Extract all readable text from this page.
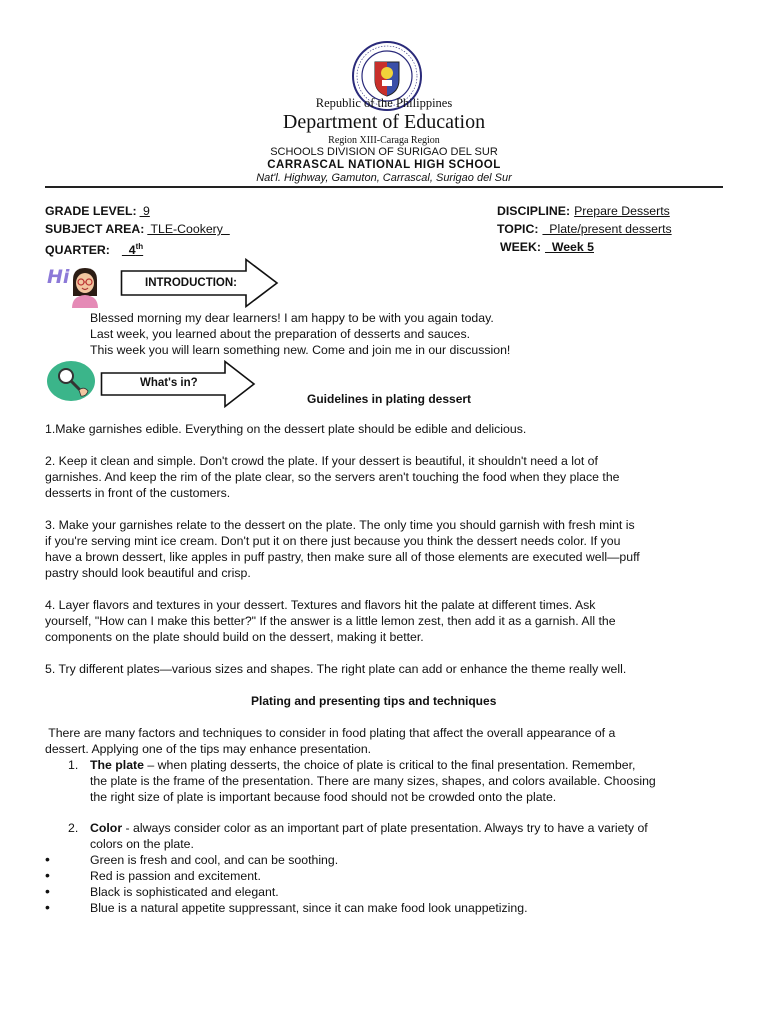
Republic of the Philippines
Department of Education
Region XIII-Caraga Region
SCHOOLS DIVISION OF SURIGAO DEL SUR
CARRASCAL NATIONAL HIGH SCHOOL
Nat'l. Highway, Gamuton, Carrascal, Surigao del Sur
GRADE LEVEL: 9
SUBJECT AREA: TLE-Cookery
QUARTER:  4th
DISCIPLINE: Prepare Desserts
TOPIC:  Plate/present desserts
WEEK:  Week 5
Hi	INTRODUCTION:
Blessed morning my dear learners! I am happy to be with you again today.
Last week, you learned about the preparation of desserts and sauces.
This week you will learn something new. Come and join me in our discussion!
What's in?
Guidelines in plating dessert
1.Make garnishes edible. Everything on the dessert plate should be edible and delicious.
2. Keep it clean and simple. Don't crowd the plate. If your dessert is beautiful, it shouldn't need a lot of
garnishes. And keep the rim of the plate clear, so the servers aren't touching the food when they place the
desserts in front of the customers.
3. Make your garnishes relate to the dessert on the plate. The only time you should garnish with fresh mint is
if you're serving mint ice cream. Don't put it on there just because you think the dessert needs color. If you
have a brown dessert, like apples in puff pastry, then make sure all of those elements are executed well—puff
pastry should look beautiful and crisp.
4. Layer flavors and textures in your dessert. Textures and flavors hit the palate at different times. Ask
yourself, "How can I make this better?" If the answer is a little lemon zest, then add it as a garnish. All the
components on the plate should build on the dessert, making it better.
5. Try different plates—various sizes and shapes. The right plate can add or enhance the theme really well.
Plating and presenting tips and techniques
There are many factors and techniques to consider in food plating that affect the overall appearance of a
dessert. Applying one of the tips may enhance presentation.
1. The plate – when plating desserts, the choice of plate is critical to the final presentation. Remember,
the plate is the frame of the presentation. There are many sizes, shapes, and colors available. Choosing
the right size of plate is important because food should not be crowded onto the plate.
2. Color - always consider color as an important part of plate presentation. Always try to have a variety of
colors on the plate.
•	Green is fresh and cool, and can be soothing.
•	Red is passion and excitement.
•	Black is sophisticated and elegant.
•	Blue is a natural appetite suppressant, since it can make food look unappetizing.
